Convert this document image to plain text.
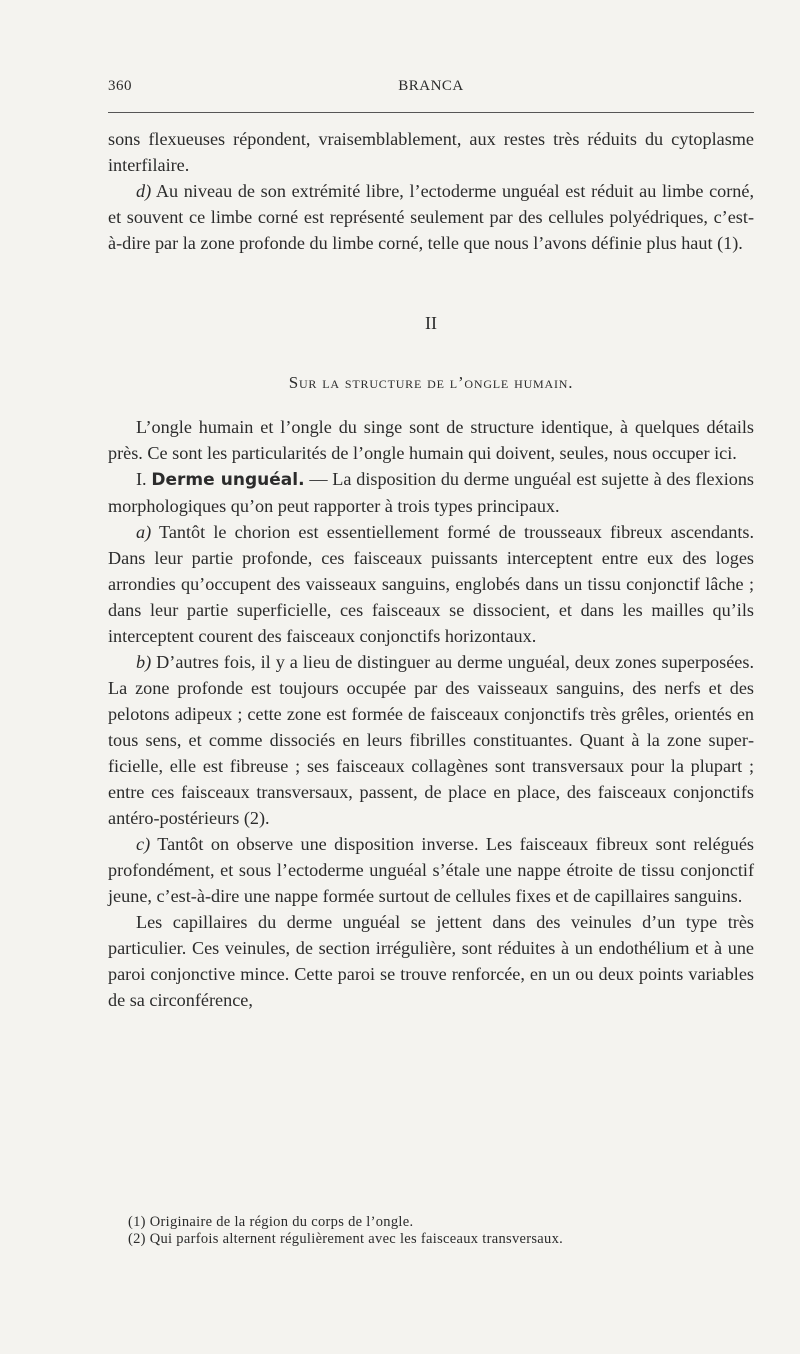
360	BRANCA

sons flexueuses répondent, vraisemblablement, aux restes très réduits du cytoplasme interfilaire.

d) Au niveau de son extrémité libre, l’ectoderme unguéal est réduit au limbe corné, et souvent ce limbe corné est représenté seulement par des cellules polyédriques, c’est-à-dire par la zone profonde du limbe corné, telle que nous l’avons définie plus haut (1).

II

Sur la structure de l’ongle humain.

L’ongle humain et l’ongle du singe sont de structure identique, à quelques détails près. Ce sont les particularités de l’ongle humain qui doivent, seules, nous occuper ici.

I. Derme unguéal. — La disposition du derme unguéal est sujette à des flexions morphologiques qu’on peut rapporter à trois types principaux.

a) Tantôt le chorion est essentiellement formé de trousseaux fibreux ascendants. Dans leur partie profonde, ces faisceaux puissants interceptent entre eux des loges arrondies qu’occupent des vaisseaux sanguins, englobés dans un tissu conjonctif lâche ; dans leur partie superficielle, ces faisceaux se dissocient, et dans les mailles qu’ils interceptent courent des faisceaux conjonctifs horizontaux.

b) D’autres fois, il y a lieu de distinguer au derme unguéal, deux zones superposées. La zone profonde est toujours occupée par des vaisseaux sanguins, des nerfs et des pelotons adipeux ; cette zone est formée de faisceaux conjonctifs très grêles, orientés en tous sens, et comme dissociés en leurs fibrilles constituantes. Quant à la zone superficielle, elle est fibreuse ; ses faisceaux collagènes sont transversaux pour la plupart ; entre ces faisceaux transversaux, passent, de place en place, des faisceaux conjonctifs antéro-postérieurs (2).

c) Tantôt on observe une disposition inverse. Les faisceaux fibreux sont relégués profondément, et sous l’ectoderme unguéal s’étale une nappe étroite de tissu conjonctif jeune, c’est-à-dire une nappe formée surtout de cellules fixes et de capillaires sanguins.

Les capillaires du derme unguéal se jettent dans des veinules d’un type très particulier. Ces veinules, de section irrégulière, sont réduites à un endothélium et à une paroi conjonctive mince. Cette paroi se trouve renforcée, en un ou deux points variables de sa circonférence,

(1) Originaire de la région du corps de l’ongle.

(2) Qui parfois alternent régulièrement avec les faisceaux transversaux.
